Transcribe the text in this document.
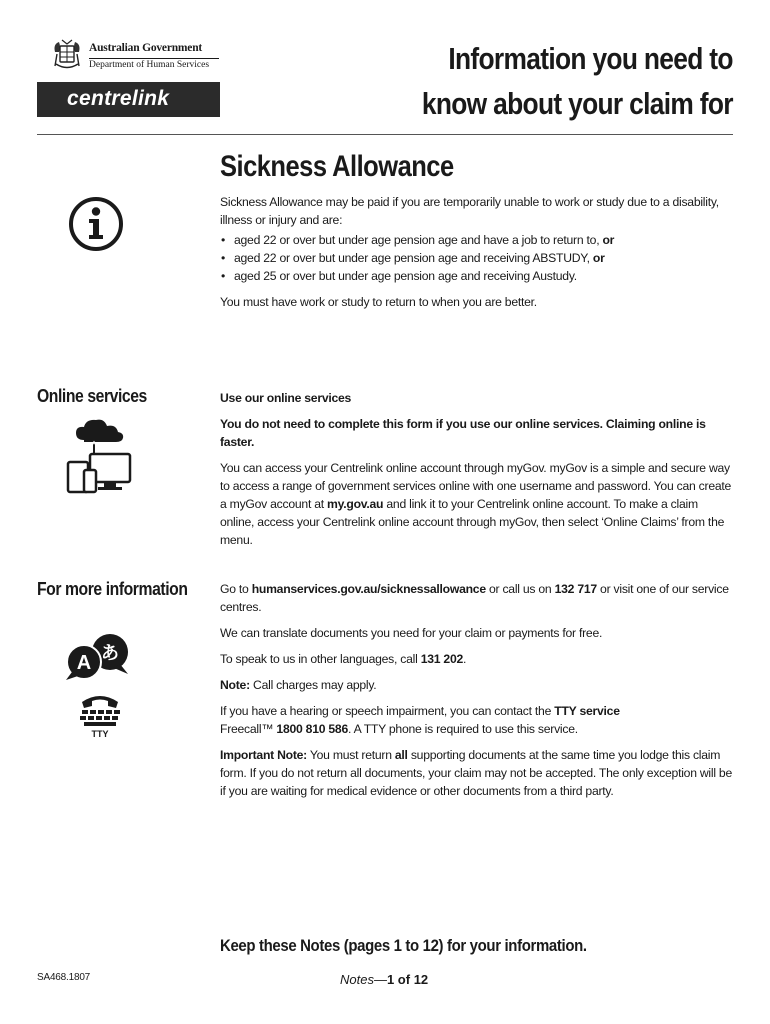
Australian Government
Department of Human Services
centrelink
Information you need to
know about your claim for
Sickness Allowance

Sickness Allowance may be paid if you are temporarily unable to work or study due to a disability, illness or injury and are:

• aged 22 or over but under age pension age and have a job to return to, or
• aged 22 or over but under age pension age and receiving ABSTUDY, or
• aged 25 or over but under age pension age and receiving Austudy.

You must have work or study to return to when you are better.

Online services	Use our online services

You do not need to complete this form if you use our online services. Claiming online is faster.

You can access your Centrelink online account through myGov. myGov is a simple and secure way to access a range of government services online with one username and password. You can create a myGov account at my.gov.au and link it to your Centrelink online account. To make a claim online, access your Centrelink online account through myGov, then select ‘Online Claims’ from the menu.

For more information
あ
A
TTY

Go to humanservices.gov.au/sicknessallowance or call us on 132 717 or visit one of our service centres.

We can translate documents you need for your claim or payments for free.

To speak to us in other languages, call 131 202.

Note: Call charges may apply.

If you have a hearing or speech impairment, you can contact the TTY service
Freecall™ 1800 810 586. A TTY phone is required to use this service.

Important Note: You must return all supporting documents at the same time you lodge this claim form. If you do not return all documents, your claim may not be accepted. The only exception will be if you are waiting for medical evidence or other documents from a third party.

Keep these Notes (pages 1 to 12) for your information.
SA468.1807	Notes—1 of 12
